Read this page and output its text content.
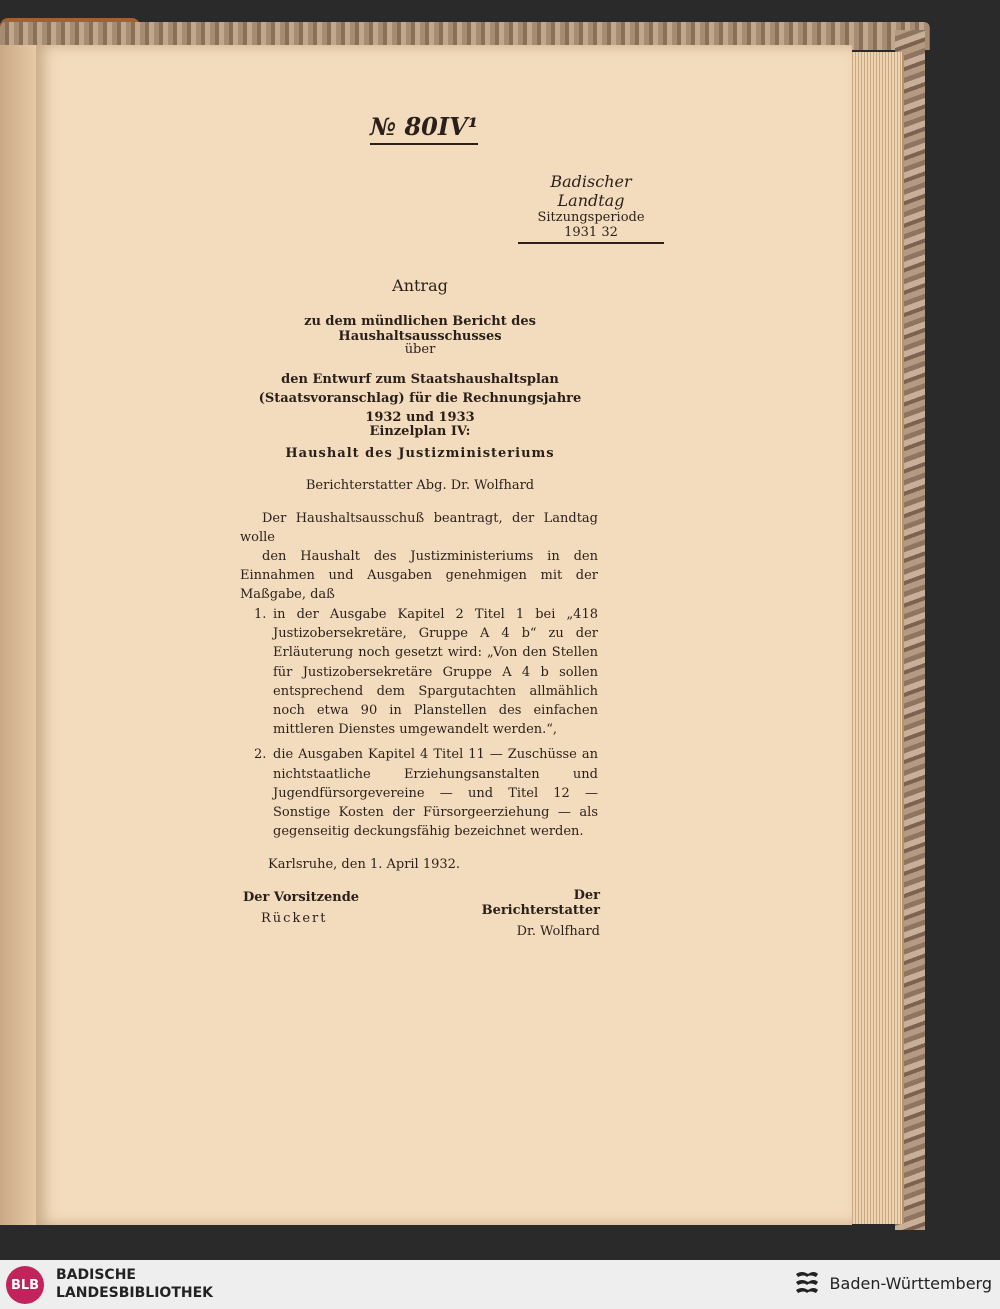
№ 80IV¹
Badischer Landtag
Sitzungsperiode
1931 32
Antrag
zu dem mündlichen Bericht des Haushaltsausschusses
über
den Entwurf zum Staatshaushaltsplan (Staatsvoranschlag) für die Rechnungsjahre 1932 und 1933
Einzelplan IV:
Haushalt des Justizministeriums
Berichterstatter Abg. Dr. Wolfhard
Der Haushaltsausschuß beantragt, der Landtag wolle
den Haushalt des Justizministeriums in den Einnahmen und Ausgaben genehmigen mit der Maßgabe, daß
1. in der Ausgabe Kapitel 2 Titel 1 bei „418 Justizobersekretäre, Gruppe A 4 b“ zu der Erläuterung noch gesetzt wird: „Von den Stellen für Justizobersekretäre Gruppe A 4 b sollen entsprechend dem Spargutachten allmählich noch etwa 90 in Planstellen des einfachen mittleren Dienstes umgewandelt werden.“,
2. die Ausgaben Kapitel 4 Titel 11 — Zuschüsse an nichtstaatliche Erziehungsanstalten und Jugendfürsorgevereine — und Titel 12 — Sonstige Kosten der Fürsorgeerziehung — als gegenseitig deckungsfähig bezeichnet werden.
Karlsruhe, den 1. April 1932.
Der Vorsitzende
Rückert
Der Berichterstatter
Dr. Wolfhard
BLB
BADISCHE
LANDESBIBLIOTHEK	Baden-Württemberg
